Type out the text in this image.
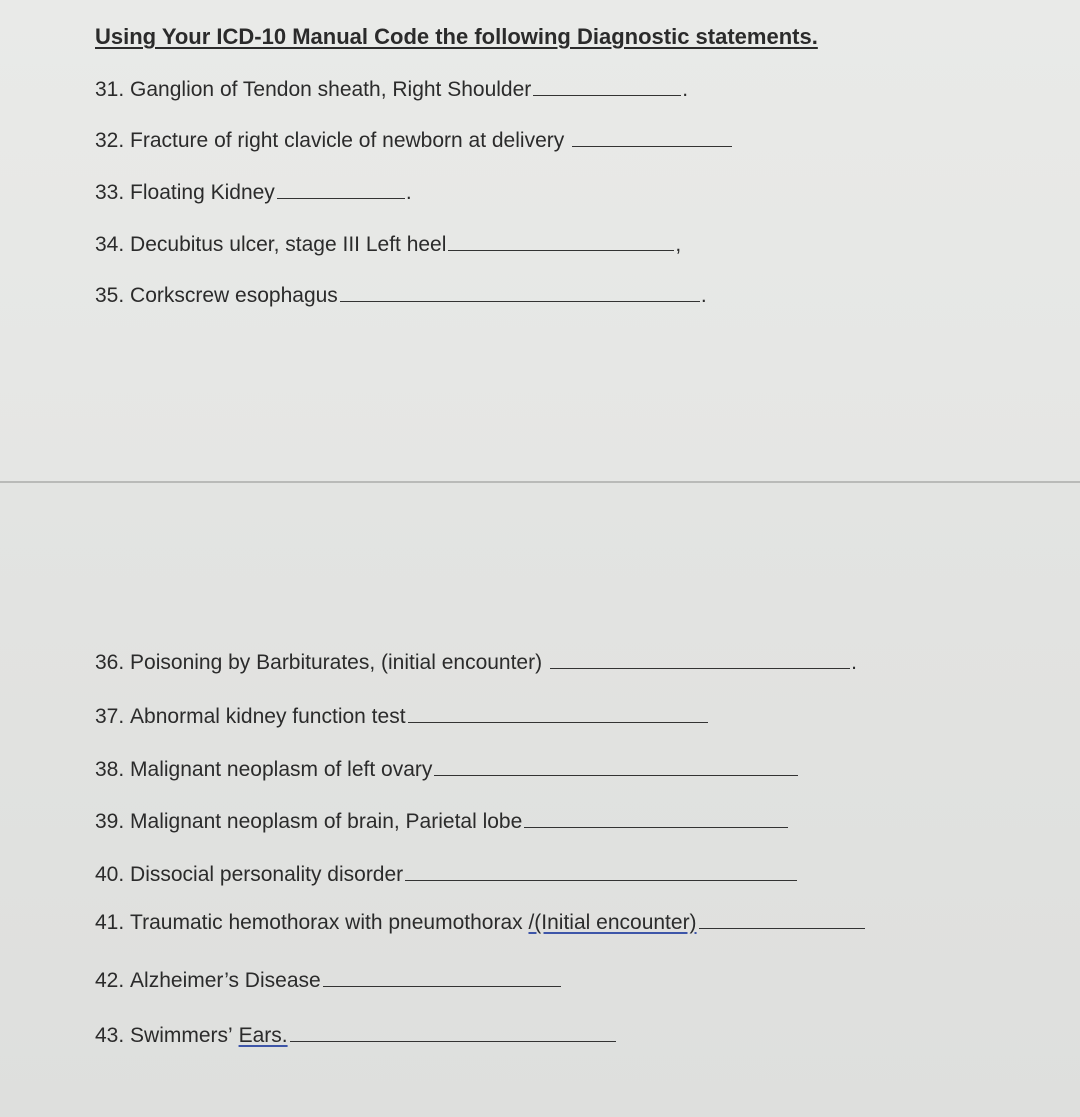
Using Your ICD-10 Manual Code the following Diagnostic statements.
31.
Ganglion of Tendon sheath, Right Shoulder	.
32.
Fracture of right clavicle of newborn at delivery
33.
Floating Kidney	.
34.
Decubitus ulcer, stage III Left heel	,
35.
Corkscrew esophagus	.
36.
Poisoning by Barbiturates, (initial encounter)	.
37.
Abnormal kidney function test
38.
Malignant neoplasm of left ovary
39.
Malignant neoplasm of brain, Parietal lobe
40.
Dissocial personality disorder
41.
Traumatic hemothorax with pneumothorax
/(Initial encounter)
42.
Alzheimer’s Disease
43.
Swimmers’
Ears.
